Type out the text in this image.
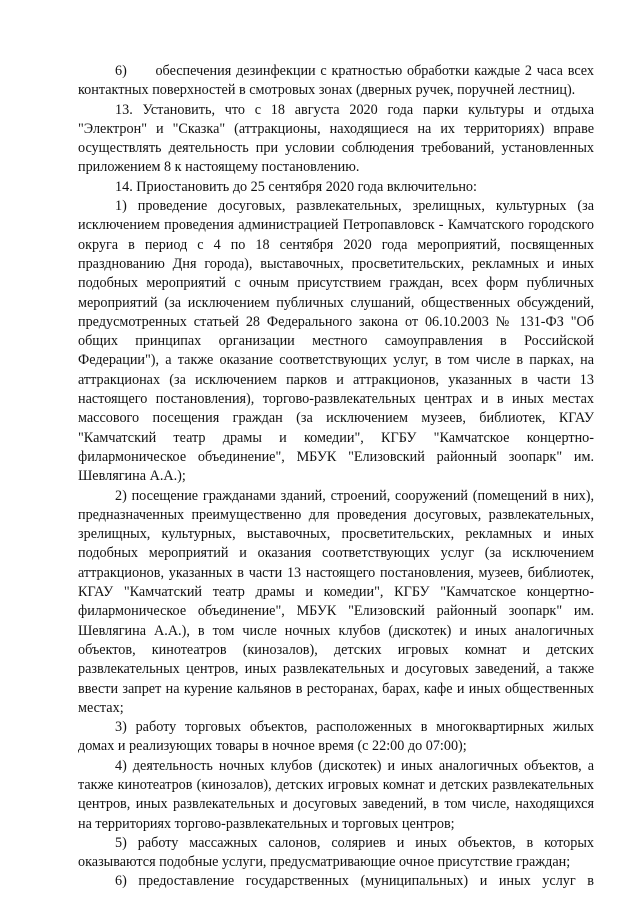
6)      обеспечения дезинфекции с кратностью обработки каждые 2 часа всех контактных поверхностей в смотровых зонах (дверных ручек, поручней лестниц).

13. Установить, что с 18 августа 2020 года парки культуры и отдыха "Электрон" и "Сказка" (аттракционы, находящиеся на их территориях) вправе осуществлять деятельность при условии соблюдения требований, установленных приложением 8 к настоящему постановлению.

14. Приостановить до 25 сентября 2020 года включительно:

1) проведение досуговых, развлекательных, зрелищных, культурных (за исключением проведения администрацией Петропавловск - Камчатского городского округа в период с 4 по 18 сентября 2020 года мероприятий, посвященных празднованию Дня города), выставочных, просветительских, рекламных и иных подобных мероприятий с очным присутствием граждан, всех форм публичных мероприятий (за исключением публичных слушаний, общественных обсуждений, предусмотренных статьей 28 Федерального закона от 06.10.2003 № 131-ФЗ "Об общих принципах организации местного самоуправления в Российской Федерации"), а также оказание соответствующих услуг, в том числе в парках, на аттракционах (за исключением парков и аттракционов, указанных в части 13 настоящего постановления), торгово-развлекательных центрах и в иных местах массового посещения граждан (за исключением музеев, библиотек, КГАУ "Камчатский театр драмы и комедии", КГБУ "Камчатское концертно-филармоническое объединение", МБУК "Елизовский районный зоопарк" им. Шевлягина А.А.);

2) посещение гражданами зданий, строений, сооружений (помещений в них), предназначенных преимущественно для проведения досуговых, развлекательных, зрелищных, культурных, выставочных, просветительских, рекламных и иных подобных мероприятий и оказания соответствующих услуг (за исключением аттракционов, указанных в части 13 настоящего постановления, музеев, библиотек, КГАУ "Камчатский театр драмы и комедии", КГБУ "Камчатское концертно-филармоническое объединение", МБУК "Елизовский районный зоопарк" им. Шевлягина А.А.), в том числе ночных клубов (дискотек) и иных аналогичных объектов, кинотеатров (кинозалов), детских игровых комнат и детских развлекательных центров, иных развлекательных и досуговых заведений, а также ввести запрет на курение кальянов в ресторанах, барах, кафе и иных общественных местах;

3) работу торговых объектов, расположенных в многоквартирных жилых домах и реализующих товары в ночное время (с 22:00 до 07:00);

4) деятельность ночных клубов (дискотек) и иных аналогичных объектов, а также кинотеатров (кинозалов), детских игровых комнат и детских развлекательных центров, иных развлекательных и досуговых заведений, в том числе, находящихся на территориях торгово-развлекательных и торговых центров;

5) работу массажных салонов, соляриев и иных объектов, в которых оказываются подобные услуги, предусматривающие очное присутствие граждан;

6) предоставление государственных (муниципальных) и иных услуг в
